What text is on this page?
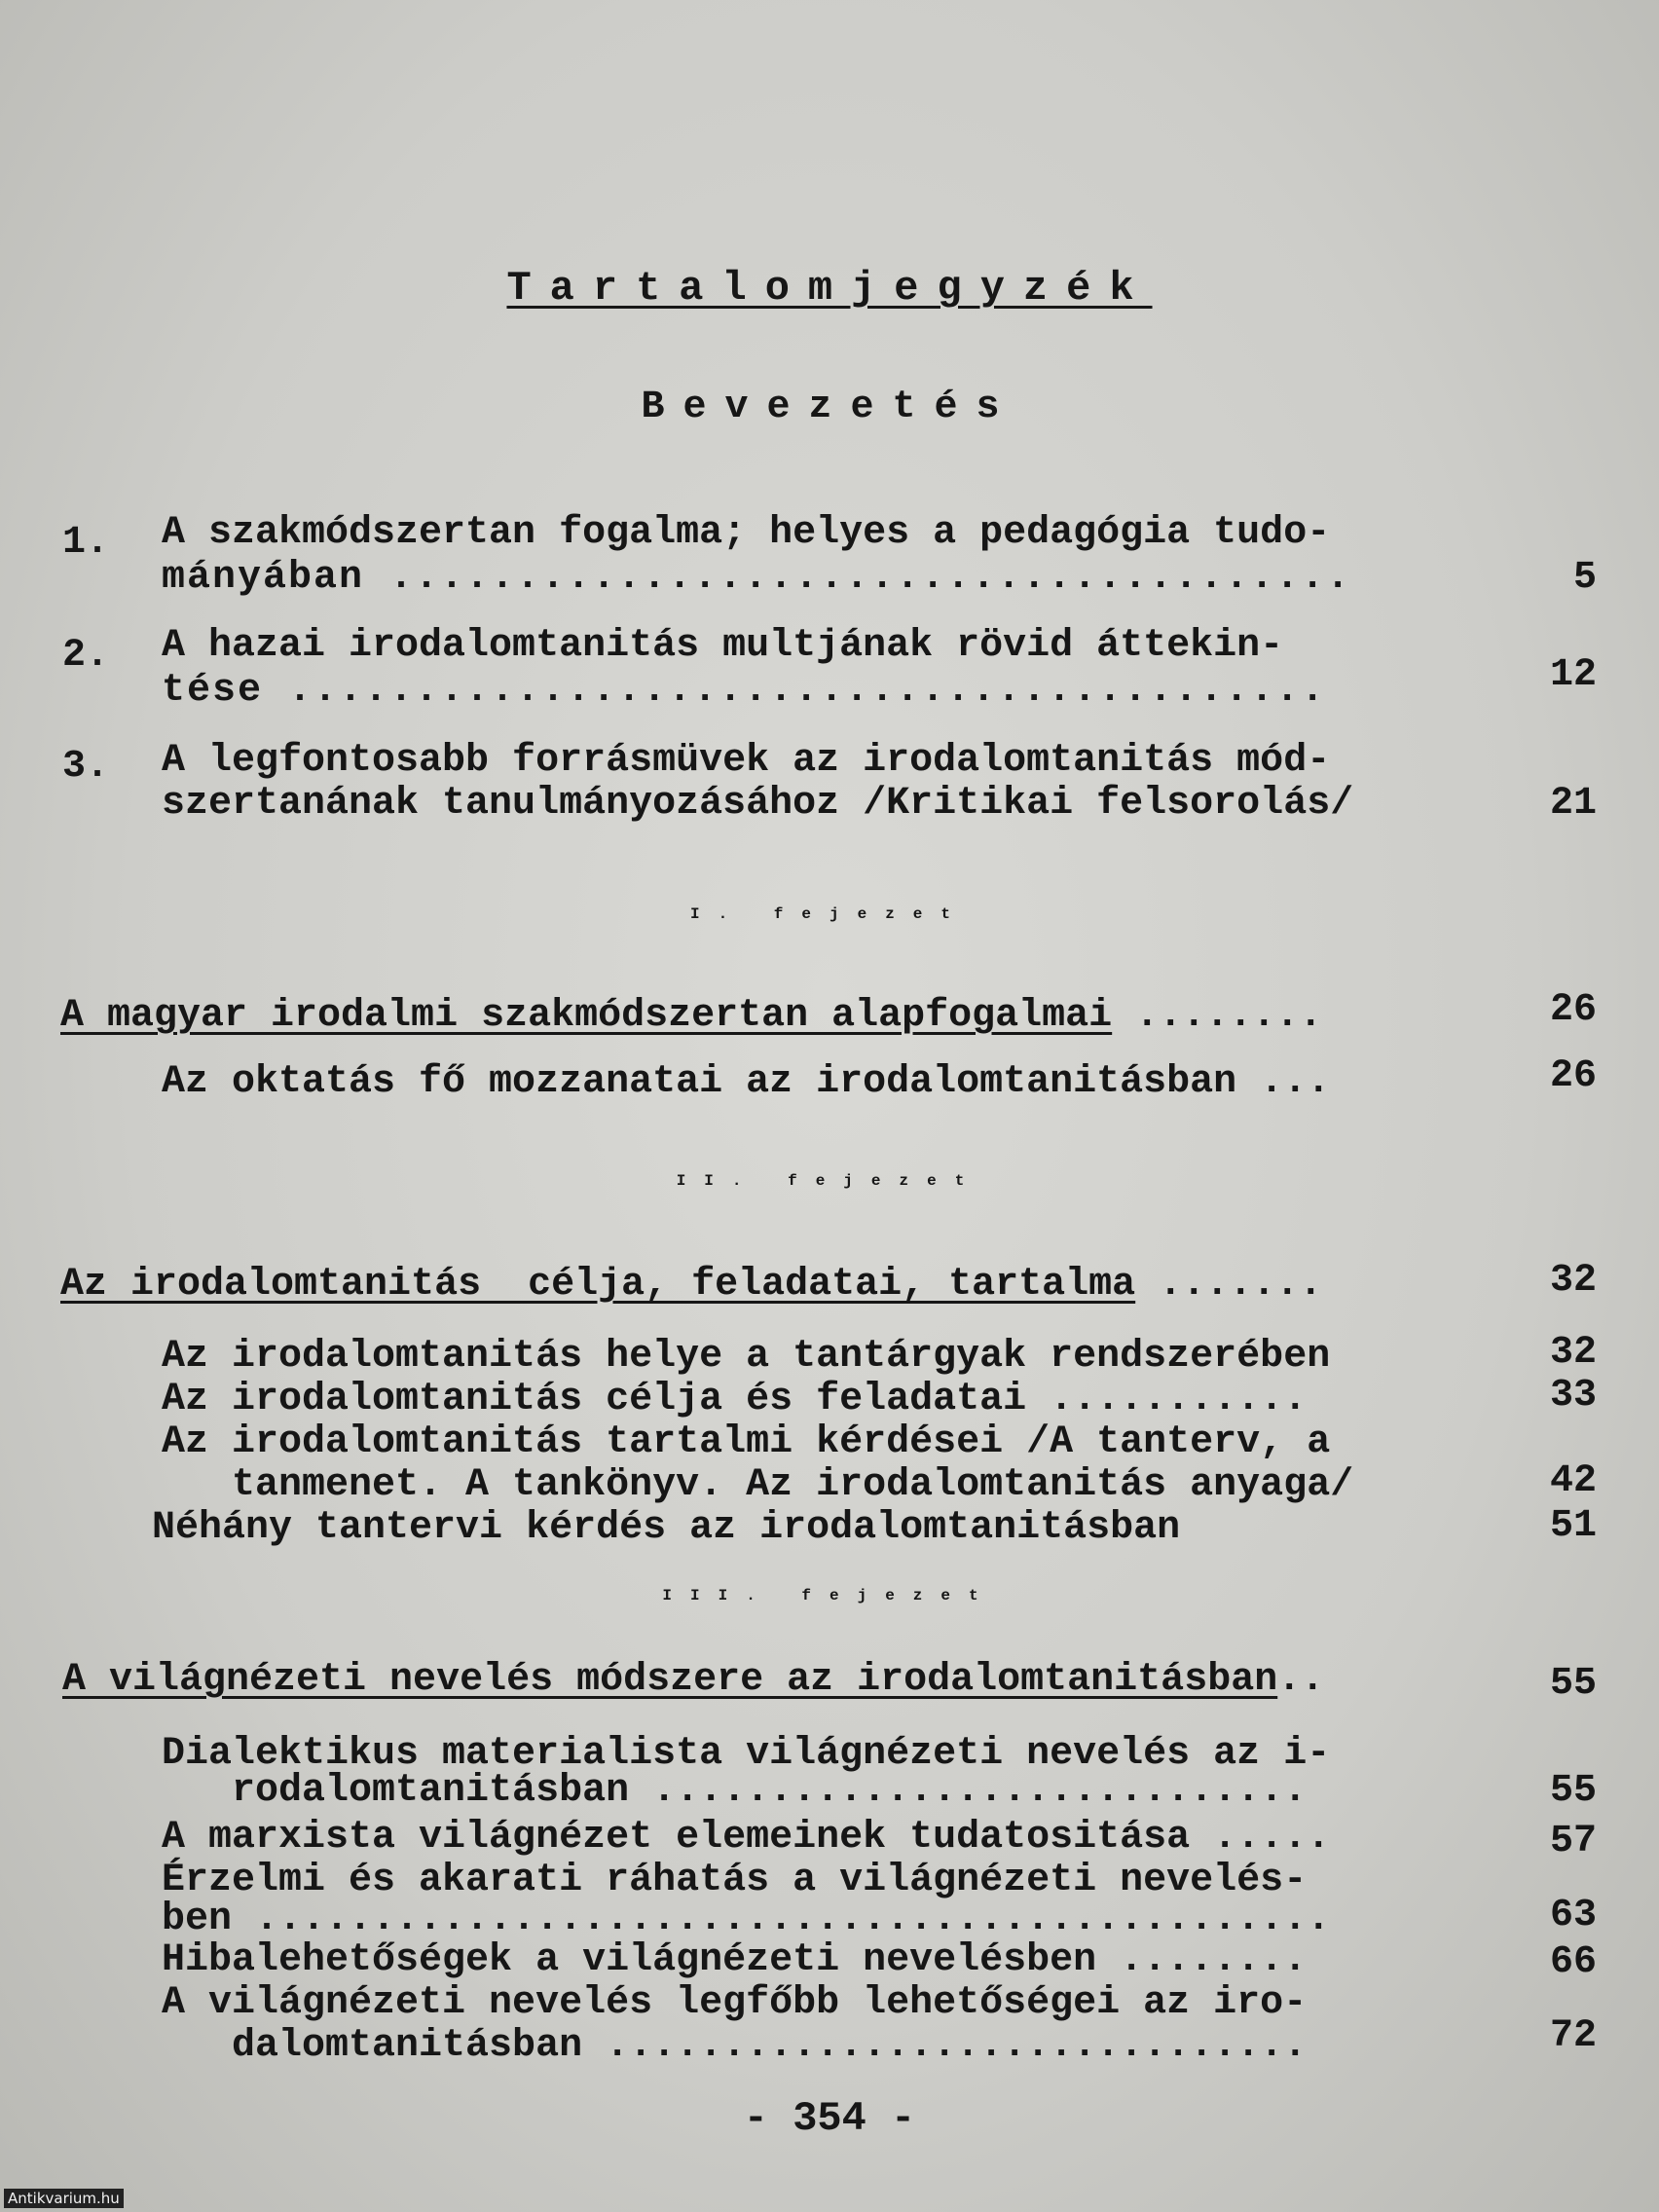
Tartalomjegyzék
Bevezetés
1. A szakmódszertan fogalma; helyes a pedagógia tudo-
mányában ......................................	5
2. A hazai irodalomtanitás multjának rövid áttekin-
tése .........................................	12
3. A legfontosabb forrásmüvek az irodalomtanitás mód-
szertanának tanulmányozásához /Kritikai felsorolás/	21
I. fejezet
A magyar irodalmi szakmódszertan alapfogalmai ........	26
Az oktatás fő mozzanatai az irodalomtanitásban ...	26
II. fejezet
Az irodalomtanitás  célja, feladatai, tartalma .......	32
Az irodalomtanitás helye a tantárgyak rendszerében	32
Az irodalomtanitás célja és feladatai ...........	33
Az irodalomtanitás tartalmi kérdései /A tanterv, a
tanmenet. A tankönyv. Az irodalomtanitás anyaga/	42
Néhány tantervi kérdés az irodalomtanitásban	51
III. fejezet
A világnézeti nevelés módszere az irodalomtanitásban..	55
Dialektikus materialista világnézeti nevelés az i-
rodalomtanitásban ............................	55
A marxista világnézet elemeinek tudatositása .....	57
Érzelmi és akarati ráhatás a világnézeti nevelés-
ben ..............................................	63
Hibalehetőségek a világnézeti nevelésben ........	66
A világnézeti nevelés legfőbb lehetőségei az iro-
dalomtanitásban ..............................	72
- 354 -
Antikvarium.hu
